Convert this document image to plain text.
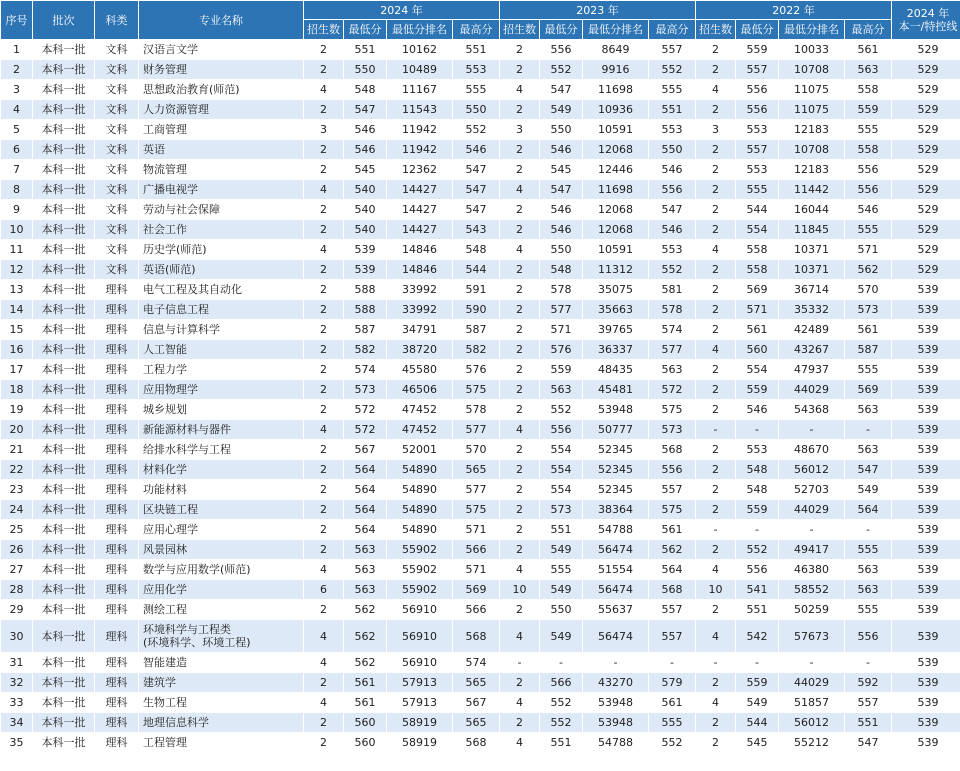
序号	批次	科类	专业名称	2024 年				2023 年				2022 年				2024 年
本一/特控线
				招生数	最低分	最低分排名	最高分	招生数	最低分	最低分排名	最高分	招生数	最低分	最低分排名	最高分	
1	本科一批	文科	汉语言文学	2	551	10162	551	2	556	8649	557	2	559	10033	561	529
2	本科一批	文科	财务管理	2	550	10489	553	2	552	9916	552	2	557	10708	563	529
3	本科一批	文科	思想政治教育(师范)	4	548	11167	555	4	547	11698	555	4	556	11075	558	529
4	本科一批	文科	人力资源管理	2	547	11543	550	2	549	10936	551	2	556	11075	559	529
5	本科一批	文科	工商管理	3	546	11942	552	3	550	10591	553	3	553	12183	555	529
6	本科一批	文科	英语	2	546	11942	546	2	546	12068	550	2	557	10708	558	529
7	本科一批	文科	物流管理	2	545	12362	547	2	545	12446	546	2	553	12183	556	529
8	本科一批	文科	广播电视学	4	540	14427	547	4	547	11698	556	2	555	11442	556	529
9	本科一批	文科	劳动与社会保障	2	540	14427	547	2	546	12068	547	2	544	16044	546	529
10	本科一批	文科	社会工作	2	540	14427	543	2	546	12068	546	2	554	11845	555	529
11	本科一批	文科	历史学(师范)	4	539	14846	548	4	550	10591	553	4	558	10371	571	529
12	本科一批	文科	英语(师范)	2	539	14846	544	2	548	11312	552	2	558	10371	562	529
13	本科一批	理科	电气工程及其自动化	2	588	33992	591	2	578	35075	581	2	569	36714	570	539
14	本科一批	理科	电子信息工程	2	588	33992	590	2	577	35663	578	2	571	35332	573	539
15	本科一批	理科	信息与计算科学	2	587	34791	587	2	571	39765	574	2	561	42489	561	539
16	本科一批	理科	人工智能	2	582	38720	582	2	576	36337	577	4	560	43267	587	539
17	本科一批	理科	工程力学	2	574	45580	576	2	559	48435	563	2	554	47937	555	539
18	本科一批	理科	应用物理学	2	573	46506	575	2	563	45481	572	2	559	44029	569	539
19	本科一批	理科	城乡规划	2	572	47452	578	2	552	53948	575	2	546	54368	563	539
20	本科一批	理科	新能源材料与器件	4	572	47452	577	4	556	50777	573	-	-	-	-	539
21	本科一批	理科	给排水科学与工程	2	567	52001	570	2	554	52345	568	2	553	48670	563	539
22	本科一批	理科	材料化学	2	564	54890	565	2	554	52345	556	2	548	56012	547	539
23	本科一批	理科	功能材料	2	564	54890	577	2	554	52345	557	2	548	52703	549	539
24	本科一批	理科	区块链工程	2	564	54890	575	2	573	38364	575	2	559	44029	564	539
25	本科一批	理科	应用心理学	2	564	54890	571	2	551	54788	561	-	-	-	-	539
26	本科一批	理科	风景园林	2	563	55902	566	2	549	56474	562	2	552	49417	555	539
27	本科一批	理科	数学与应用数学(师范)	4	563	55902	571	4	555	51554	564	4	556	46380	563	539
28	本科一批	理科	应用化学	6	563	55902	569	10	549	56474	568	10	541	58552	563	539
29	本科一批	理科	测绘工程	2	562	56910	566	2	550	55637	557	2	551	50259	555	539
30	本科一批	理科	环境科学与工程类
(环境科学、环境工程)	4	562	56910	568	4	549	56474	557	4	542	57673	556	539
31	本科一批	理科	智能建造	4	562	56910	574	-	-	-	-	-	-	-	-	539
32	本科一批	理科	建筑学	2	561	57913	565	2	566	43270	579	2	559	44029	592	539
33	本科一批	理科	生物工程	4	561	57913	567	4	552	53948	561	4	549	51857	557	539
34	本科一批	理科	地理信息科学	2	560	58919	565	2	552	53948	555	2	544	56012	551	539
35	本科一批	理科	工程管理	2	560	58919	568	4	551	54788	552	2	545	55212	547	539
